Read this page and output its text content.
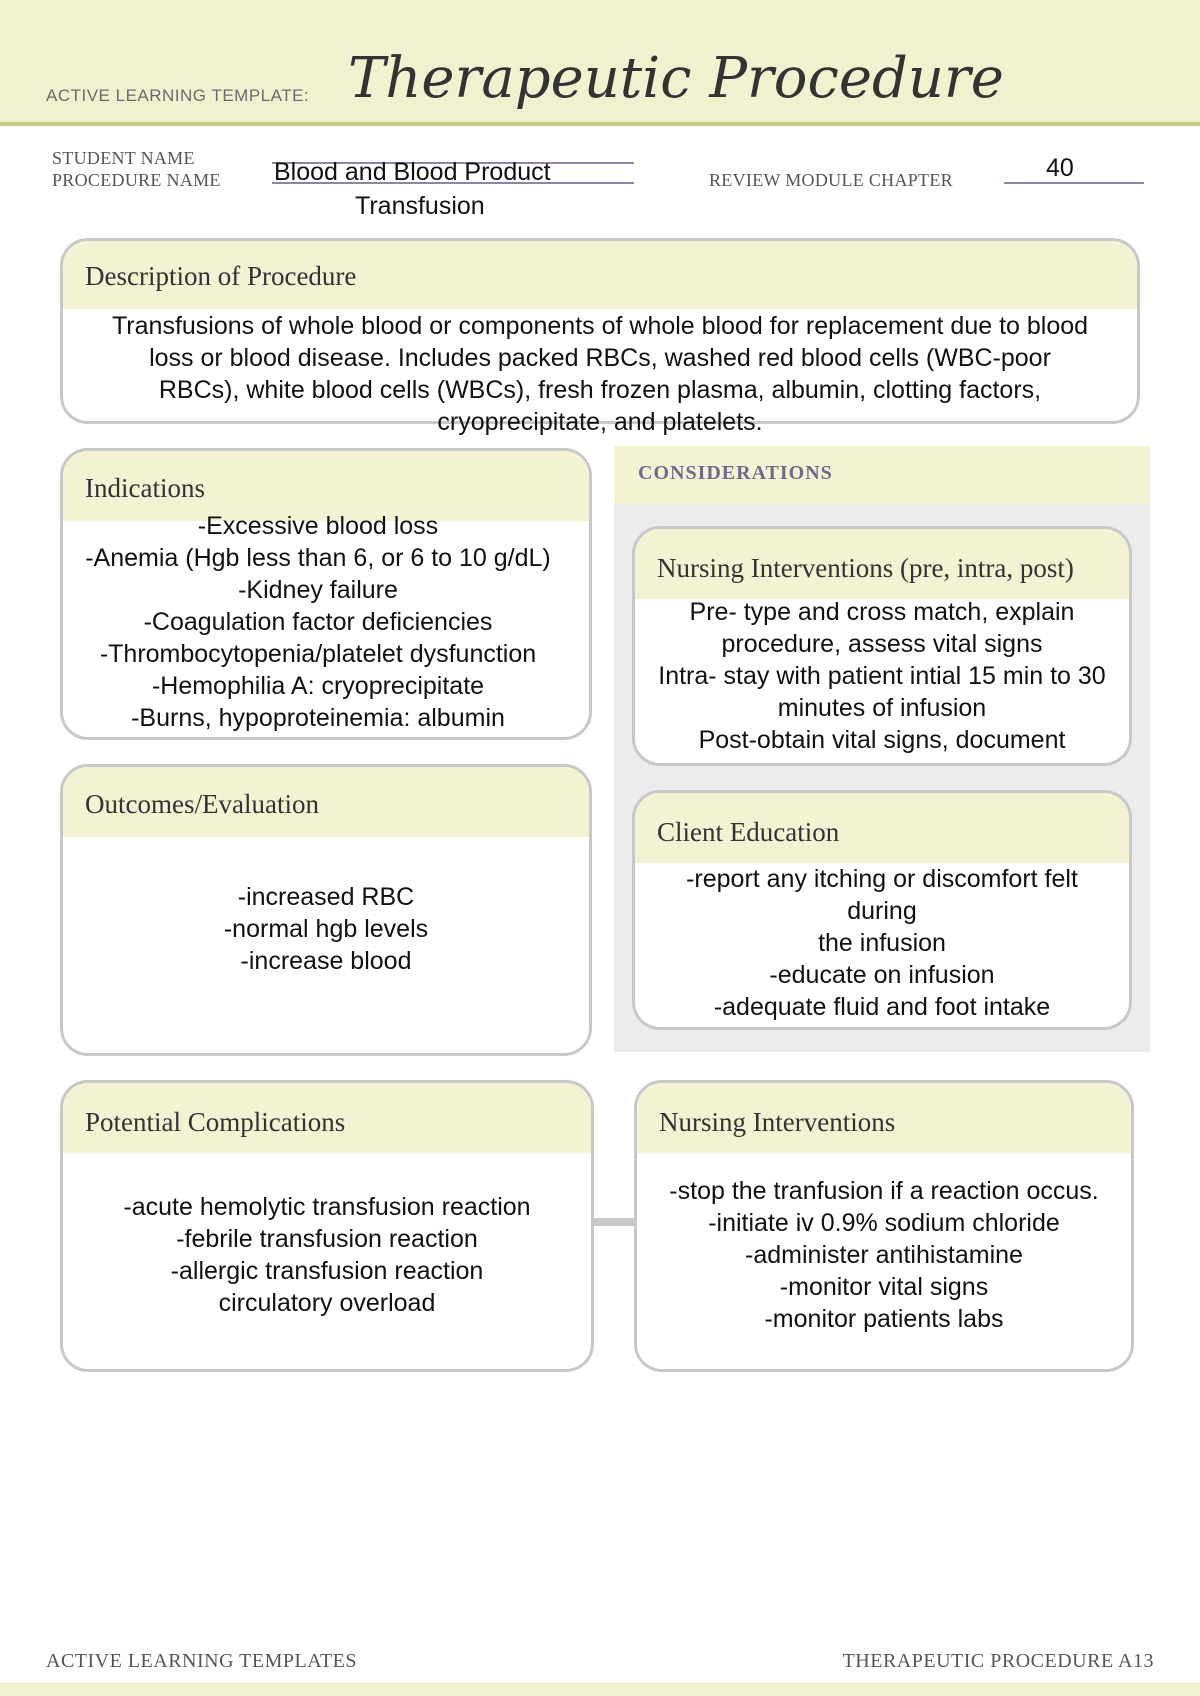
ACTIVE LEARNING TEMPLATE: Therapeutic Procedure
STUDENT NAME
PROCEDURE NAME Blood and Blood Product
Transfusion
REVIEW MODULE CHAPTER	40
Description of Procedure
Transfusions of whole blood or components of whole blood for replacement due to blood
loss or blood disease. Includes packed RBCs, washed red blood cells (WBC-poor
RBCs), white blood cells (WBCs), fresh frozen plasma, albumin, clotting factors,
cryoprecipitate, and platelets.
CONSIDERATIONS
Indications
-Excessive blood loss
-Anemia (Hgb less than 6, or 6 to 10 g/dL)
-Kidney failure
-Coagulation factor deficiencies
-Thrombocytopenia/platelet dysfunction
-Hemophilia A: cryoprecipitate
-Burns, hypoproteinemia: albumin
Nursing Interventions (pre, intra, post)
Pre- type and cross match, explain
procedure, assess vital signs
Intra- stay with patient intial 15 min to 30
minutes of infusion
Post-obtain vital signs, document
Outcomes/Evaluation
-increased RBC
-normal hgb levels
-increase blood
Client Education
-report any itching or discomfort felt
during
the infusion
-educate on infusion
-adequate fluid and foot intake
Potential Complications
-acute hemolytic transfusion reaction
-febrile transfusion reaction
-allergic transfusion reaction
circulatory overload
Nursing Interventions
-stop the tranfusion if a reaction occus.
-initiate iv 0.9% sodium chloride
-administer antihistamine
-monitor vital signs
-monitor patients labs
ACTIVE LEARNING TEMPLATES	THERAPEUTIC PROCEDURE A13
